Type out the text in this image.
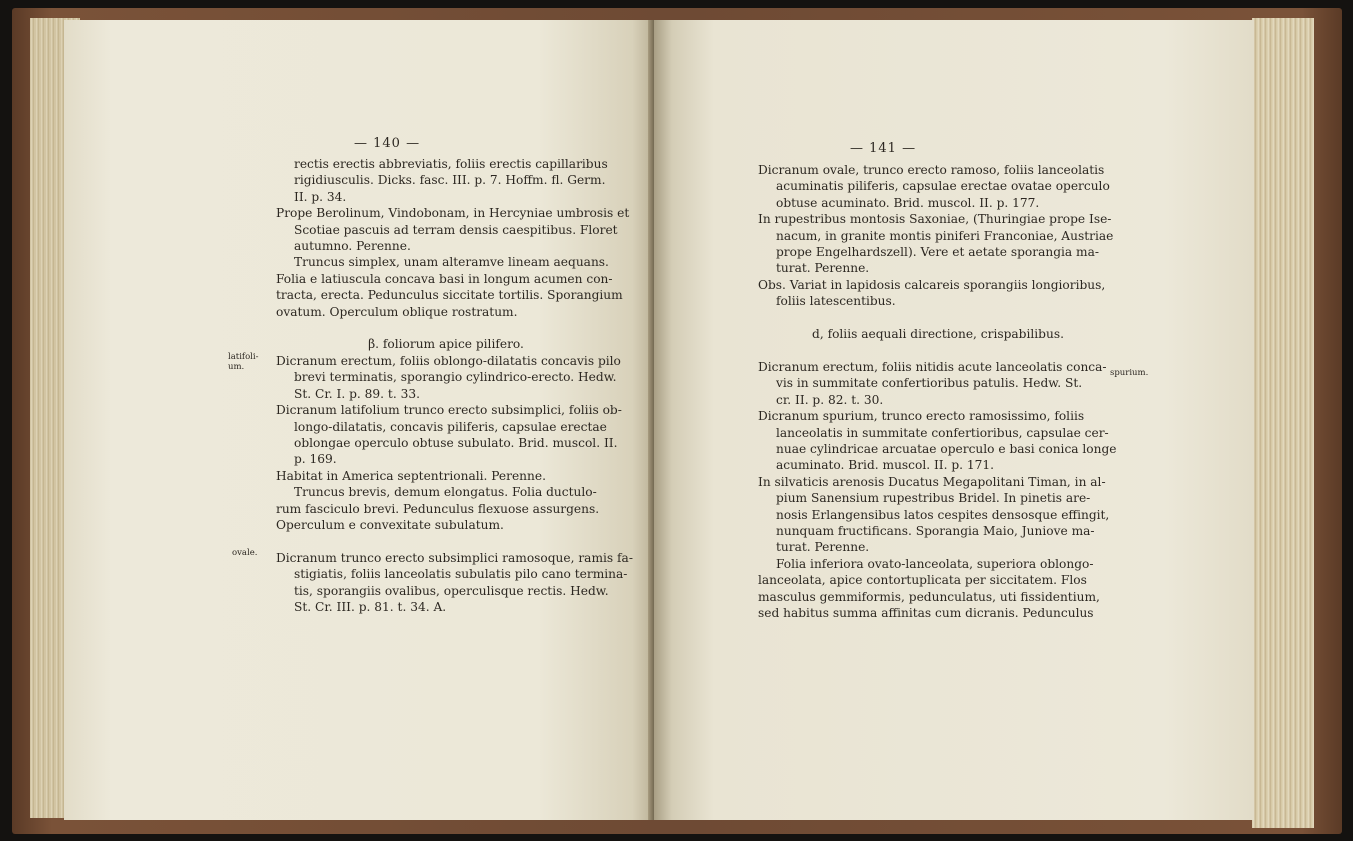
— 140 —
rectis erectis abbreviatis, foliis erectis capillaribus
rigidiusculis. Dicks. fasc. III. p. 7. Hoffm. fl. Germ.
II. p. 34.
Prope Berolinum, Vindobonam, in Hercyniae umbrosis et
Scotiae pascuis ad terram densis caespitibus. Floret
autumno. Perenne.
Truncus simplex, unam alteramve lineam aequans.
Folia e latiuscula concava basi in longum acumen con-
tracta, erecta. Pedunculus siccitate tortilis. Sporangium
ovatum. Operculum oblique rostratum.

β. foliorum apice pilifero.
Dicranum erectum, foliis oblongo-dilatatis concavis pilo
brevi terminatis, sporangio cylindrico-erecto. Hedw.
St. Cr. I. p. 89. t. 33.
Dicranum latifolium trunco erecto subsimplici, foliis ob-
longo-dilatatis, concavis piliferis, capsulae erectae
oblongae operculo obtuse subulato. Brid. muscol. II.
p. 169.
Habitat in America septentrionali. Perenne.
Truncus brevis, demum elongatus. Folia ductulo-
rum fasciculo brevi. Pedunculus flexuose assurgens.
Operculum e convexitate subulatum.

Dicranum trunco erecto subsimplici ramosoque, ramis fa-
stigiatis, foliis lanceolatis subulatis pilo cano termina-
tis, sporangiis ovalibus, operculisque rectis. Hedw.
St. Cr. III. p. 81. t. 34. A.
latifoli-
um.
ovale.
— 141 —
Dicranum ovale, trunco erecto ramoso, foliis lanceolatis
acuminatis piliferis, capsulae erectae ovatae operculo
obtuse acuminato. Brid. muscol. II. p. 177.
In rupestribus montosis Saxoniae, (Thuringiae prope Ise-
nacum, in granite montis piniferi Franconiae, Austriae
prope Engelhardszell). Vere et aetate sporangia ma-
turat. Perenne.
Obs. Variat in lapidosis calcareis sporangiis longioribus,
foliis latescentibus.

d, foliis aequali directione, crispabilibus.

Dicranum erectum, foliis nitidis acute lanceolatis conca-
vis in summitate confertioribus patulis. Hedw. St.
cr. II. p. 82. t. 30.
Dicranum spurium, trunco erecto ramosissimo, foliis
lanceolatis in summitate confertioribus, capsulae cer-
nuae cylindricae arcuatae operculo e basi conica longe
acuminato. Brid. muscol. II. p. 171.
In silvaticis arenosis Ducatus Megapolitani Timan, in al-
pium Sanensium rupestribus Bridel. In pinetis are-
nosis Erlangensibus latos cespites densosque effingit,
nunquam fructificans. Sporangia Maio, Juniove ma-
turat. Perenne.
Folia inferiora ovato-lanceolata, superiora oblongo-
lanceolata, apice contortuplicata per siccitatem. Flos
masculus gemmiformis, pedunculatus, uti fissidentium,
sed habitus summa affinitas cum dicranis. Pedunculus
spurium.
